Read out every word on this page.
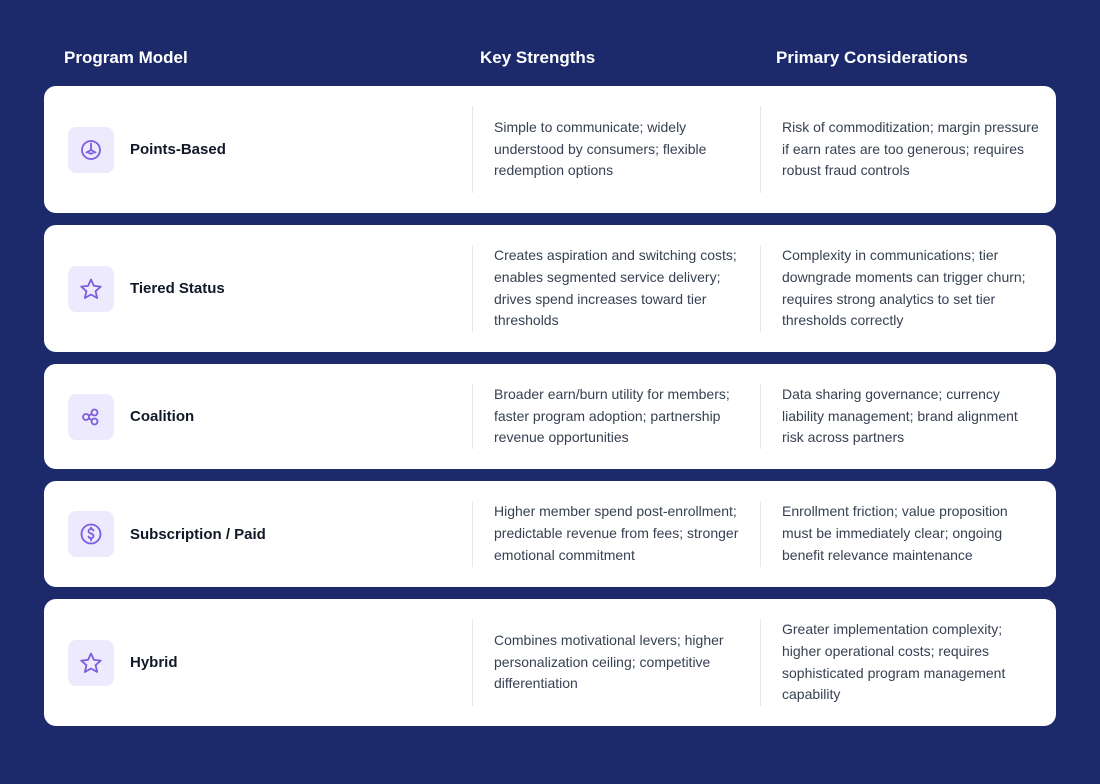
Program Model	Key Strengths	Primary Considerations
Points-Based
Simple to communicate; widely understood by consumers; flexible redemption options
Risk of commoditization; margin pressure if earn rates are too generous; requires robust fraud controls
Tiered Status
Creates aspiration and switching costs; enables segmented service delivery; drives spend increases toward tier thresholds
Complexity in communications; tier downgrade moments can trigger churn; requires strong analytics to set tier thresholds correctly
Coalition
Broader earn/burn utility for members; faster program adoption; partnership revenue opportunities
Data sharing governance; currency liability management; brand alignment risk across partners
Subscription / Paid
Higher member spend post-enrollment; predictable revenue from fees; stronger emotional commitment
Enrollment friction; value proposition must be immediately clear; ongoing benefit relevance maintenance
Hybrid
Combines motivational levers; higher personalization ceiling; competitive differentiation
Greater implementation complexity; higher operational costs; requires sophisticated program management capability
